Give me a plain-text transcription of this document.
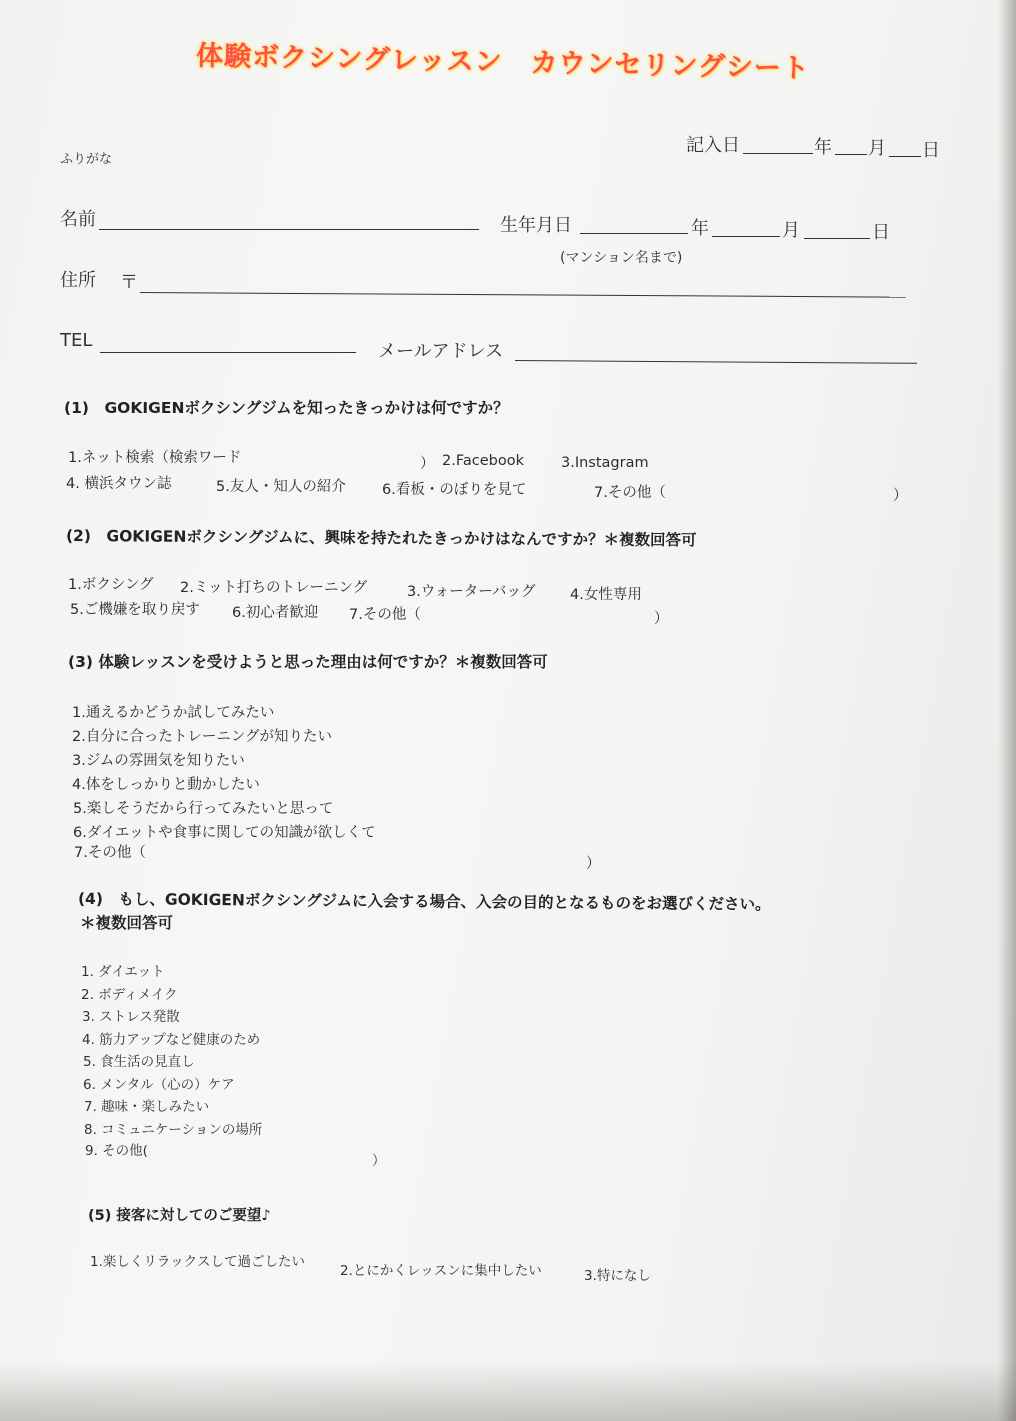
体験ボクシングレッスン　カウンセリングシート
記入日	年 月 日
ふりがな
名前	生年月日	年	月	日
(マンション名まで)
住所 〒
TEL
メールアドレス
(1)　GOKIGENボクシングジムを知ったきっかけは何ですか？
1.ネット検索（検索ワード	） 2.Facebook	3.Instagram
4. 横浜タウン誌	5.友人・知人の紹介 6.看板・のぼりを見て	7.その他（	）
(2)　GOKIGENボクシングジムに、興味を持たれたきっかけはなんですか？＊複数回答可
1.ボクシング 2.ミット打ちのトレーニング	3.ウォーターバッグ 4.女性専用
5.ご機嫌を取り戻す 6.初心者歓迎 7.その他（	）
(3) 体験レッスンを受けようと思った理由は何ですか？＊複数回答可
1.通えるかどうか試してみたい
2.自分に合ったトレーニングが知りたい
3.ジムの雰囲気を知りたい
4.体をしっかりと動かしたい
5.楽しそうだから行ってみたいと思って
6.ダイエットや食事に関しての知識が欲しくて
7.その他（
）
(4)　もし、GOKIGENボクシングジムに入会する場合、入会の目的となるものをお選びください。
＊複数回答可
1. ダイエット
2. ボディメイク
3. ストレス発散
4. 筋力アップなど健康のため
5. 食生活の見直し
6. メンタル（心の）ケア
7. 趣味・楽しみたい
8. コミュニケーションの場所
9. その他(
）
(5) 接客に対してのご要望♪
1.楽しくリラックスして過ごしたい
2.とにかくレッスンに集中したい	3.特になし
